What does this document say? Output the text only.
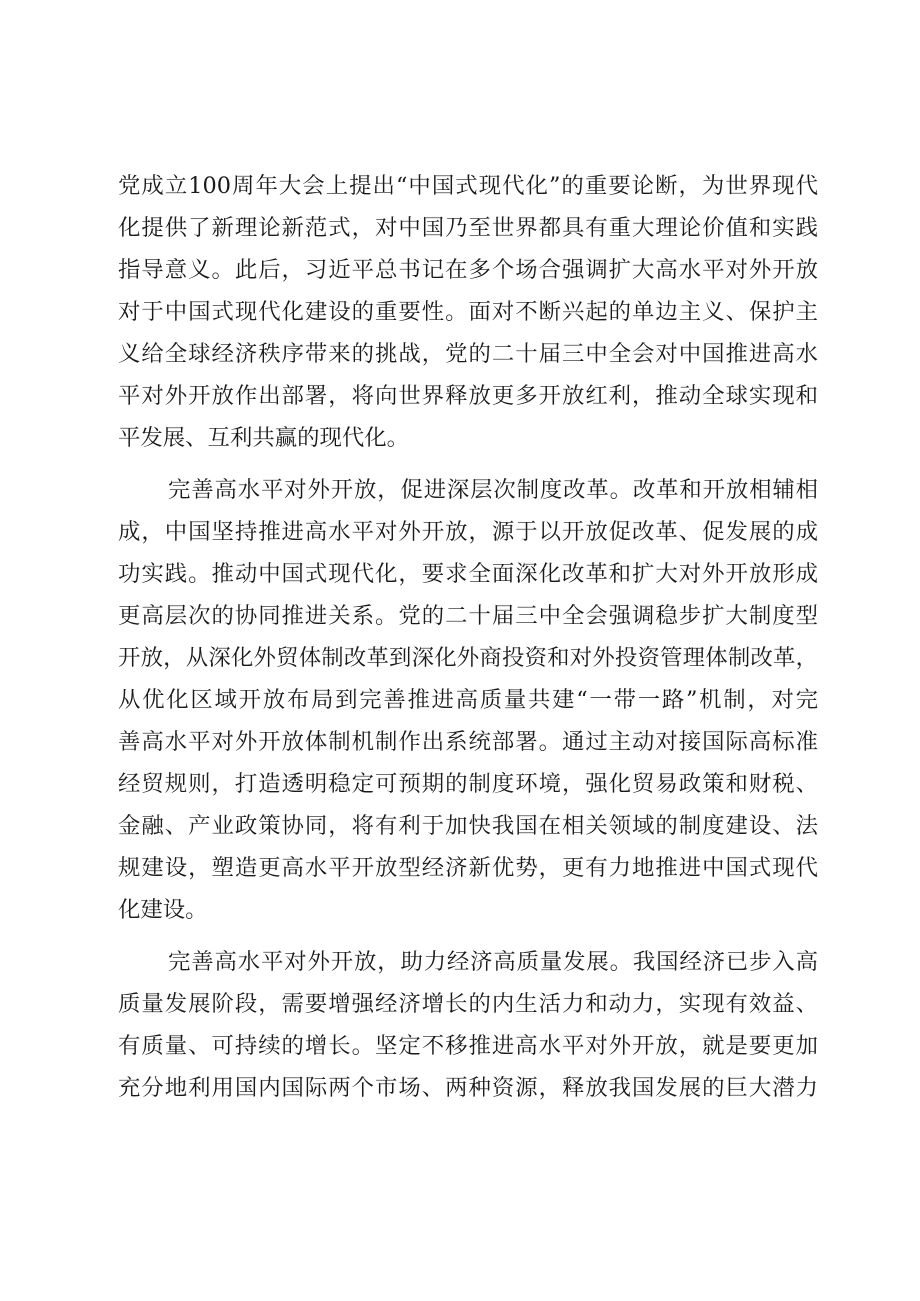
党成立100周年大会上提出“中国式现代化”的重要论断，为世界现代
化提供了新理论新范式，对中国乃至世界都具有重大理论价值和实践
指导意义。此后，习近平总书记在多个场合强调扩大高水平对外开放
对于中国式现代化建设的重要性。面对不断兴起的单边主义、保护主
义给全球经济秩序带来的挑战，党的二十届三中全会对中国推进高水
平对外开放作出部署，将向世界释放更多开放红利，推动全球实现和
平发展、互利共赢的现代化。
完善高水平对外开放，促进深层次制度改革。改革和开放相辅相
成，中国坚持推进高水平对外开放，源于以开放促改革、促发展的成
功实践。推动中国式现代化，要求全面深化改革和扩大对外开放形成
更高层次的协同推进关系。党的二十届三中全会强调稳步扩大制度型
开放，从深化外贸体制改革到深化外商投资和对外投资管理体制改革，
从优化区域开放布局到完善推进高质量共建“一带一路”机制，对完
善高水平对外开放体制机制作出系统部署。通过主动对接国际高标准
经贸规则，打造透明稳定可预期的制度环境，强化贸易政策和财税、
金融、产业政策协同，将有利于加快我国在相关领域的制度建设、法
规建设，塑造更高水平开放型经济新优势，更有力地推进中国式现代
化建设。
完善高水平对外开放，助力经济高质量发展。我国经济已步入高
质量发展阶段，需要增强经济增长的内生活力和动力，实现有效益、
有质量、可持续的增长。坚定不移推进高水平对外开放，就是要更加
充分地利用国内国际两个市场、两种资源，释放我国发展的巨大潜力
